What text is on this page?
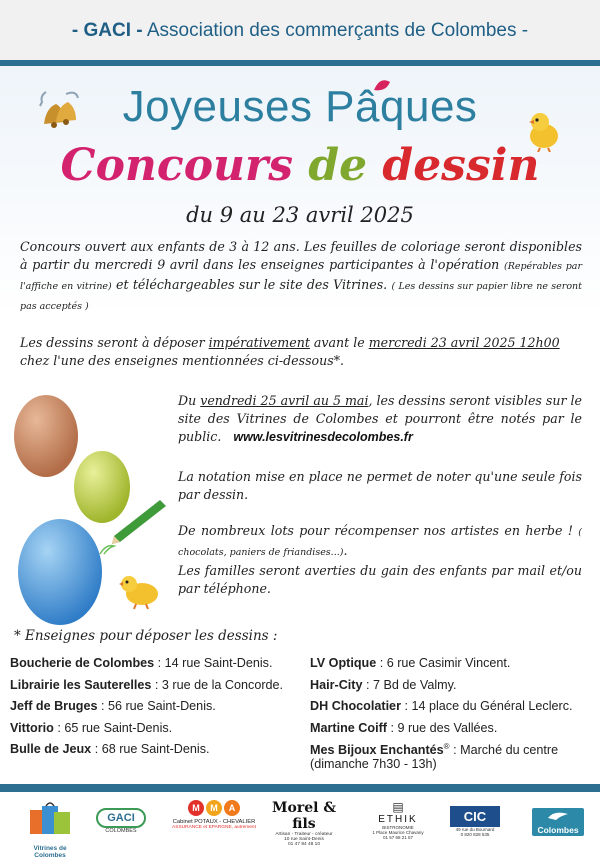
- GACI - Association des commerçants de Colombes -
Joyeuses Pâques
Concours de dessin
du 9 au 23 avril 2025
Concours ouvert aux enfants de 3 à 12 ans. Les feuilles de coloriage seront disponibles à partir du mercredi 9 avril dans les enseignes participantes à l'opération (Repérables par l'affiche en vitrine) et téléchargeables sur le site des Vitrines. ( Les dessins sur papier libre ne seront pas acceptés )
Les dessins seront à déposer impérativement avant le mercredi 23 avril 2025 12h00 chez l'une des enseignes mentionnées ci-dessous*.
Du vendredi 25 avril au 5 mai, les dessins seront visibles sur le site des Vitrines de Colombes et pourront être notés par le public. www.lesvitrinesdecolombes.fr
La notation mise en place ne permet de noter qu'une seule fois par dessin.
De nombreux lots pour récompenser nos artistes en herbe ! ( chocolats, paniers de friandises...).
Les familles seront averties du gain des enfants par mail et/ou par téléphone.
* Enseignes pour déposer les dessins :
Boucherie de Colombes : 14 rue Saint-Denis.
Librairie les Sauterelles : 3 rue de la Concorde.
Jeff de Bruges : 56 rue Saint-Denis.
Vittorio : 65 rue Saint-Denis.
Bulle de Jeux : 68 rue Saint-Denis.
LV Optique : 6 rue Casimir Vincent.
Hair-City : 7 Bd de Valmy.
DH Chocolatier : 14 place du Général Leclerc.
Martine Coiff : 9 rue des Vallées.
Mes Bijoux Enchantés® : Marché du centre
(dimanche 7h30 - 13h)
Vitrines de Colombes
GACI
COLOMBES
M M A
Cabinet POTAUX - CHEVALIER
ASSURANCE et EPARGNE, autrement
Morel & fils
Artisan - Traiteur - créateur
10 rue Saint-Denis
01 47 84 48 10
▤
ETHIK
BISTRONOMIE
1 Place Maurice Chavany
01 57 68 21 57
CIC
49 rue du Bournard
0 820 828 535	Colombes
